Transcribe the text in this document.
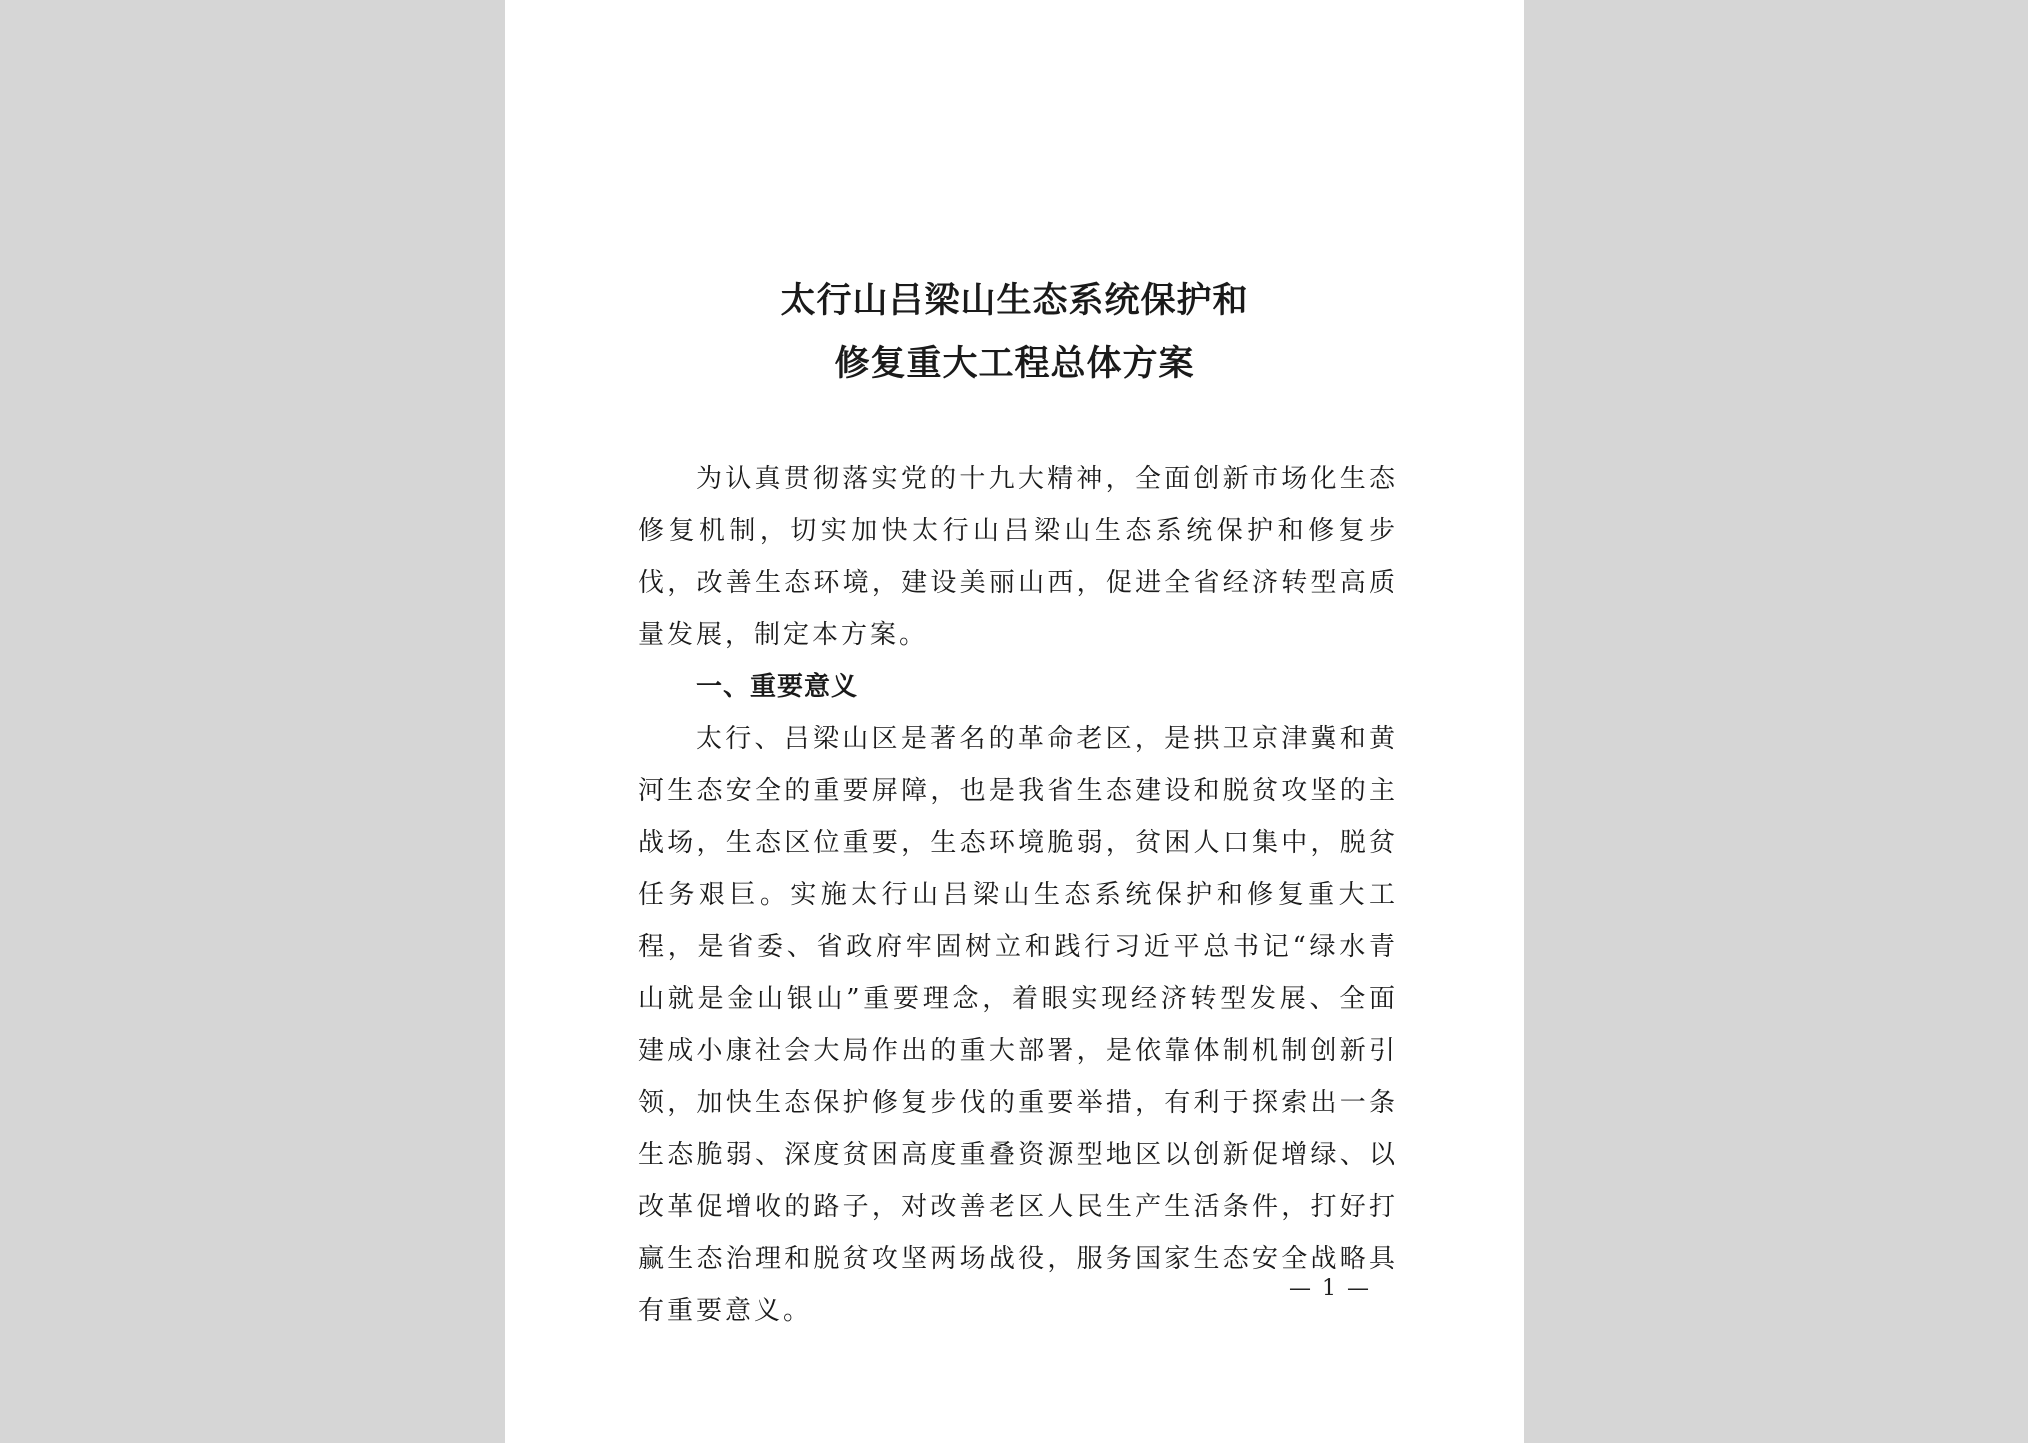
太行山吕梁山生态系统保护和
修复重大工程总体方案

为认真贯彻落实党的十九大精神，全面创新市场化生态修复机制，切实加快太行山吕梁山生态系统保护和修复步伐，改善生态环境，建设美丽山西，促进全省经济转型高质量发展，制定本方案。

一、重要意义

太行、吕梁山区是著名的革命老区，是拱卫京津冀和黄河生态安全的重要屏障，也是我省生态建设和脱贫攻坚的主战场，生态区位重要，生态环境脆弱，贫困人口集中，脱贫任务艰巨。实施太行山吕梁山生态系统保护和修复重大工程，是省委、省政府牢固树立和践行习近平总书记“绿水青山就是金山银山”重要理念，着眼实现经济转型发展、全面建成小康社会大局作出的重大部署，是依靠体制机制创新引领，加快生态保护修复步伐的重要举措，有利于探索出一条生态脆弱、深度贫困高度重叠资源型地区以创新促增绿、以改革促增收的路子，对改善老区人民生产生活条件，打好打赢生态治理和脱贫攻坚两场战役，服务国家生态安全战略具有重要意义。

— 1 —
